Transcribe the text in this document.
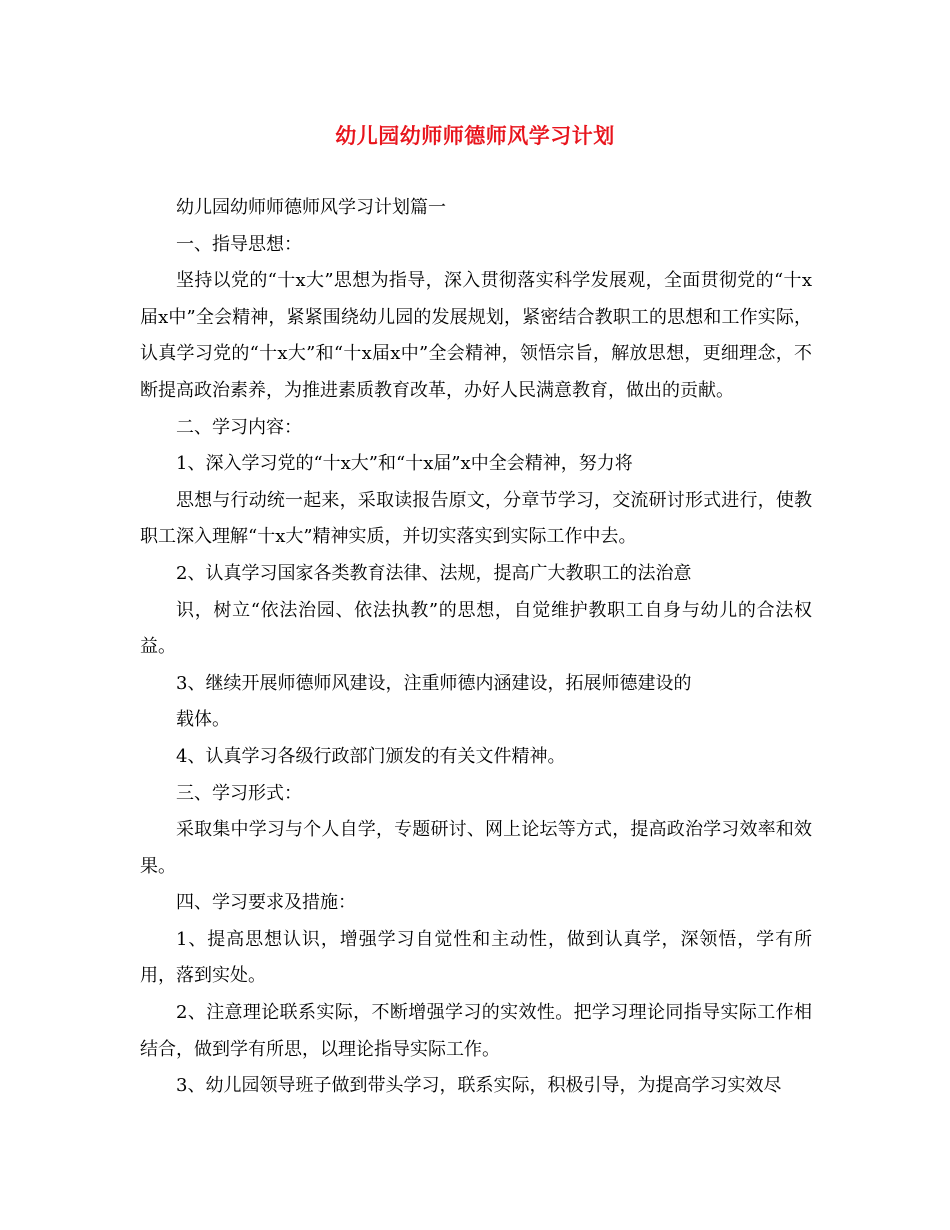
幼儿园幼师师德师风学习计划

幼儿园幼师师德师风学习计划篇一

一、指导思想：

坚持以党的“十x大”思想为指导，深入贯彻落实科学发展观，全面贯彻党的“十x届x中”全会精神，紧紧围绕幼儿园的发展规划，紧密结合教职工的思想和工作实际，认真学习党的“十x大”和“十x届x中”全会精神，领悟宗旨，解放思想，更细理念，不断提高政治素养，为推进素质教育改革，办好人民满意教育，做出的贡献。

二、学习内容：

1、深入学习党的“十x大”和“十x届”x中全会精神，努力将

思想与行动统一起来，采取读报告原文，分章节学习，交流研讨形式进行，使教职工深入理解“十x大”精神实质，并切实落实到实际工作中去。

2、认真学习国家各类教育法律、法规，提高广大教职工的法治意

识，树立“依法治园、依法执教”的思想，自觉维护教职工自身与幼儿的合法权益。

3、继续开展师德师风建设，注重师德内涵建设，拓展师德建设的

载体。

4、认真学习各级行政部门颁发的有关文件精神。

三、学习形式：

采取集中学习与个人自学，专题研讨、网上论坛等方式，提高政治学习效率和效果。

四、学习要求及措施：

1、提高思想认识，增强学习自觉性和主动性，做到认真学，深领悟，学有所用，落到实处。

2、注意理论联系实际，不断增强学习的实效性。把学习理论同指导实际工作相结合，做到学有所思，以理论指导实际工作。

3、幼儿园领导班子做到带头学习，联系实际，积极引导，为提高学习实效尽
